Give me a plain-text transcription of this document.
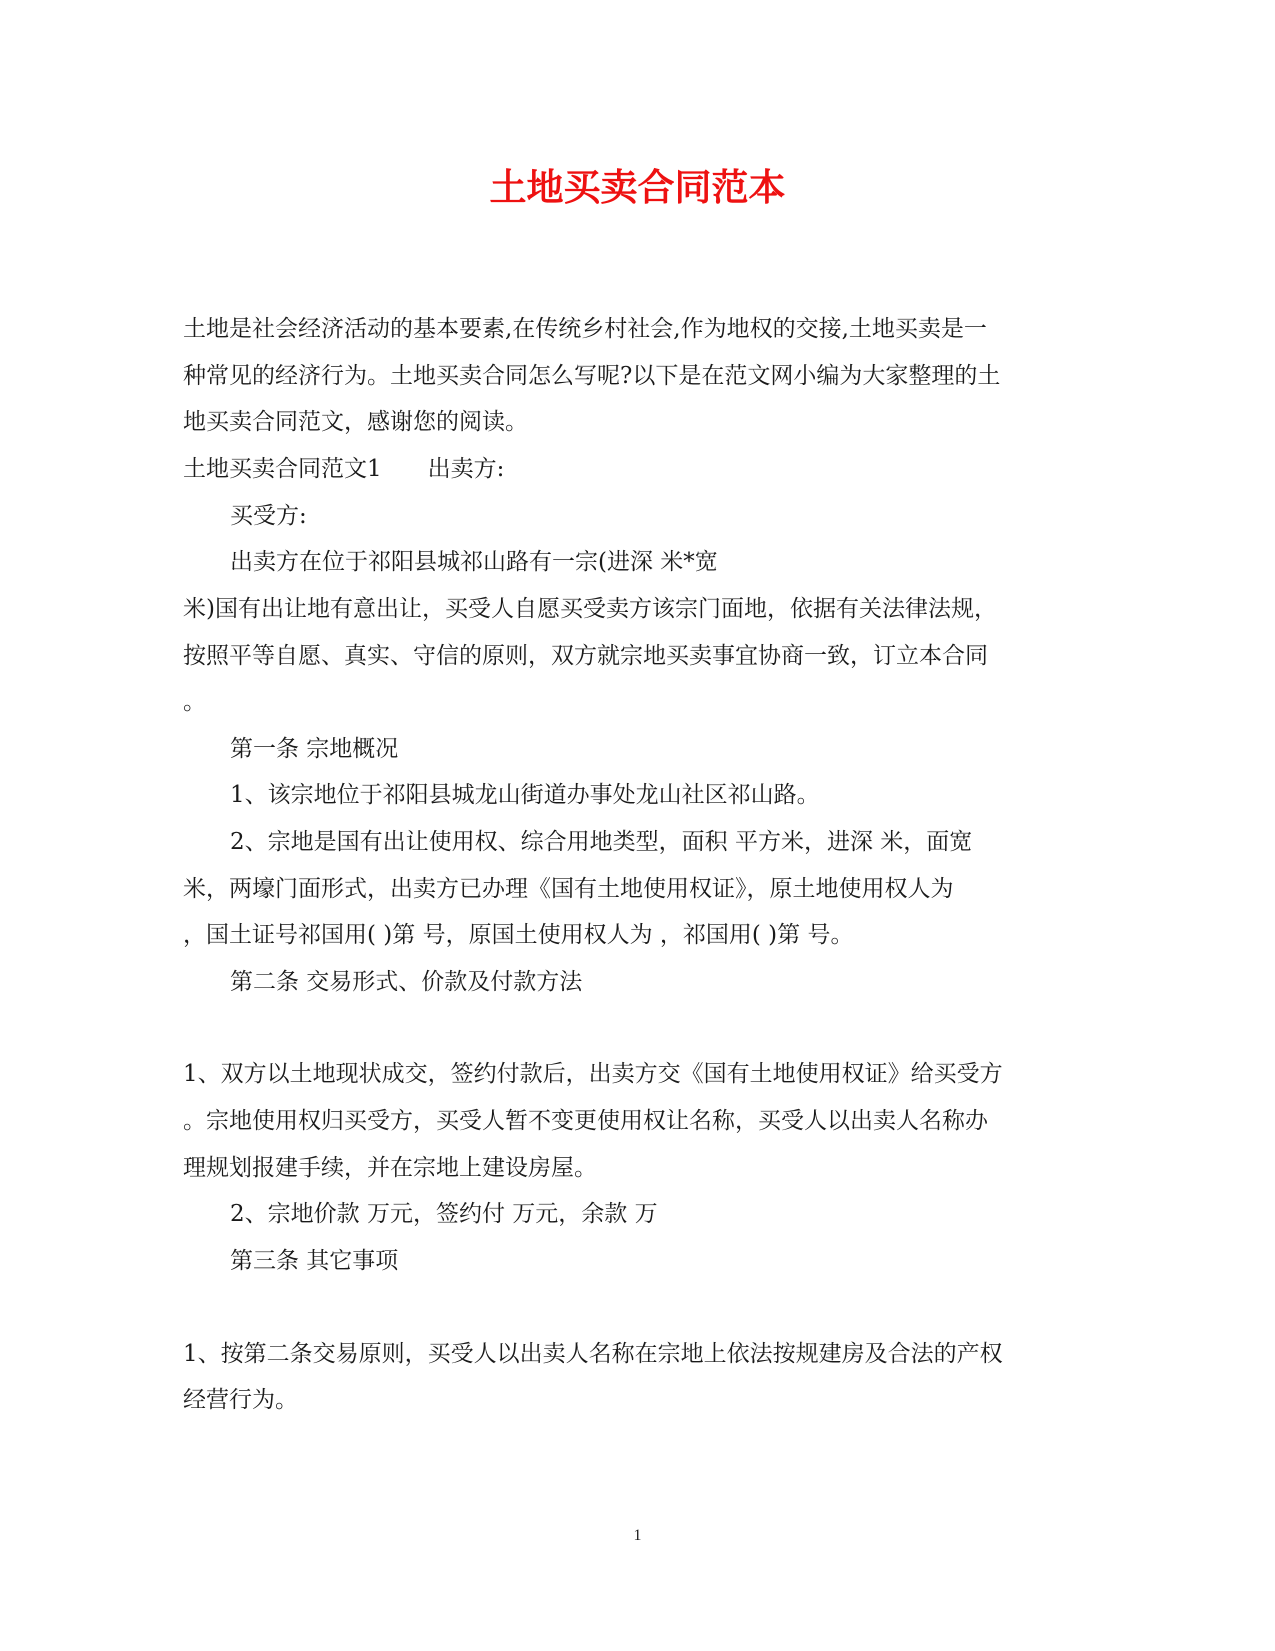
土地买卖合同范本
土地是社会经济活动的基本要素,在传统乡村社会,作为地权的交接,土地买卖是一
种常见的经济行为。土地买卖合同怎么写呢?以下是在范文网小编为大家整理的土
地买卖合同范文，感谢您的阅读。
土地买卖合同范文1　　出卖方:
买受方:
出卖方在位于祁阳县城祁山路有一宗(进深 米*宽
米)国有出让地有意出让，买受人自愿买受卖方该宗门面地，依据有关法律法规，
按照平等自愿、真实、守信的原则，双方就宗地买卖事宜协商一致，订立本合同
。
第一条 宗地概况
1、该宗地位于祁阳县城龙山街道办事处龙山社区祁山路。
2、宗地是国有出让使用权、综合用地类型，面积 平方米，进深 米，面宽
米，两壕门面形式，出卖方已办理《国有土地使用权证》，原土地使用权人为
，国土证号祁国用( )第 号，原国土使用权人为 ，祁国用( )第 号。
第二条 交易形式、价款及付款方法
1、双方以土地现状成交，签约付款后，出卖方交《国有土地使用权证》给买受方
。宗地使用权归买受方，买受人暂不变更使用权让名称，买受人以出卖人名称办
理规划报建手续，并在宗地上建设房屋。
2、宗地价款 万元，签约付 万元，余款 万
第三条 其它事项
1、按第二条交易原则，买受人以出卖人名称在宗地上依法按规建房及合法的产权
经营行为。
1
